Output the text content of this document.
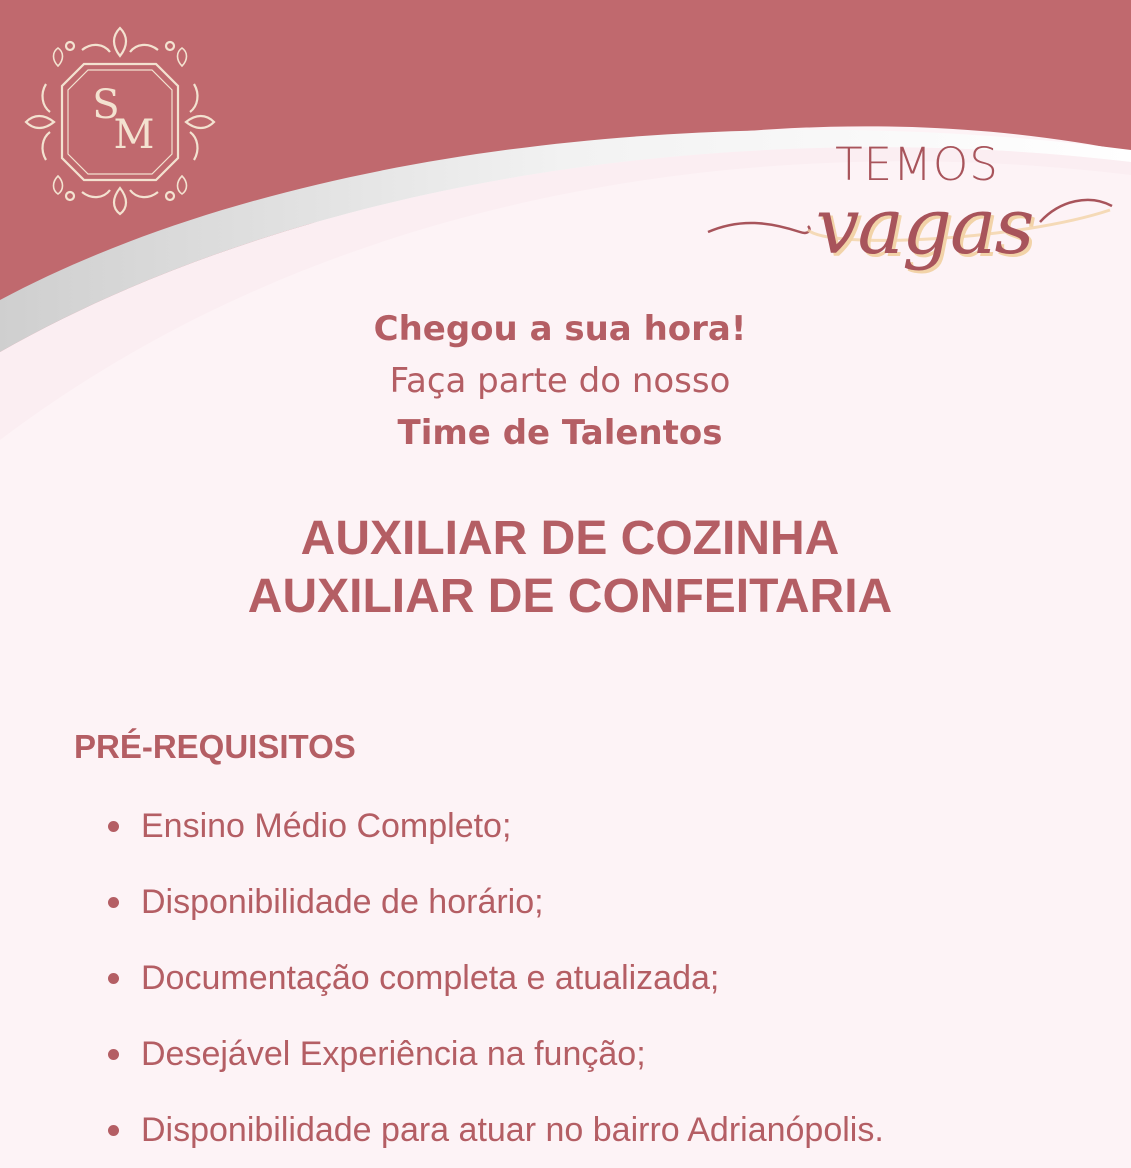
S
M
TEMOS
vagas
Chegou a sua hora!
Faça parte do nosso
Time de Talentos
AUXILIAR DE COZINHA
AUXILIAR DE CONFEITARIA
PRÉ-REQUISITOS
Ensino Médio Completo;
Disponibilidade de horário;
Documentação completa e atualizada;
Desejável Experiência na função;
Disponibilidade para atuar no bairro Adrianópolis.
